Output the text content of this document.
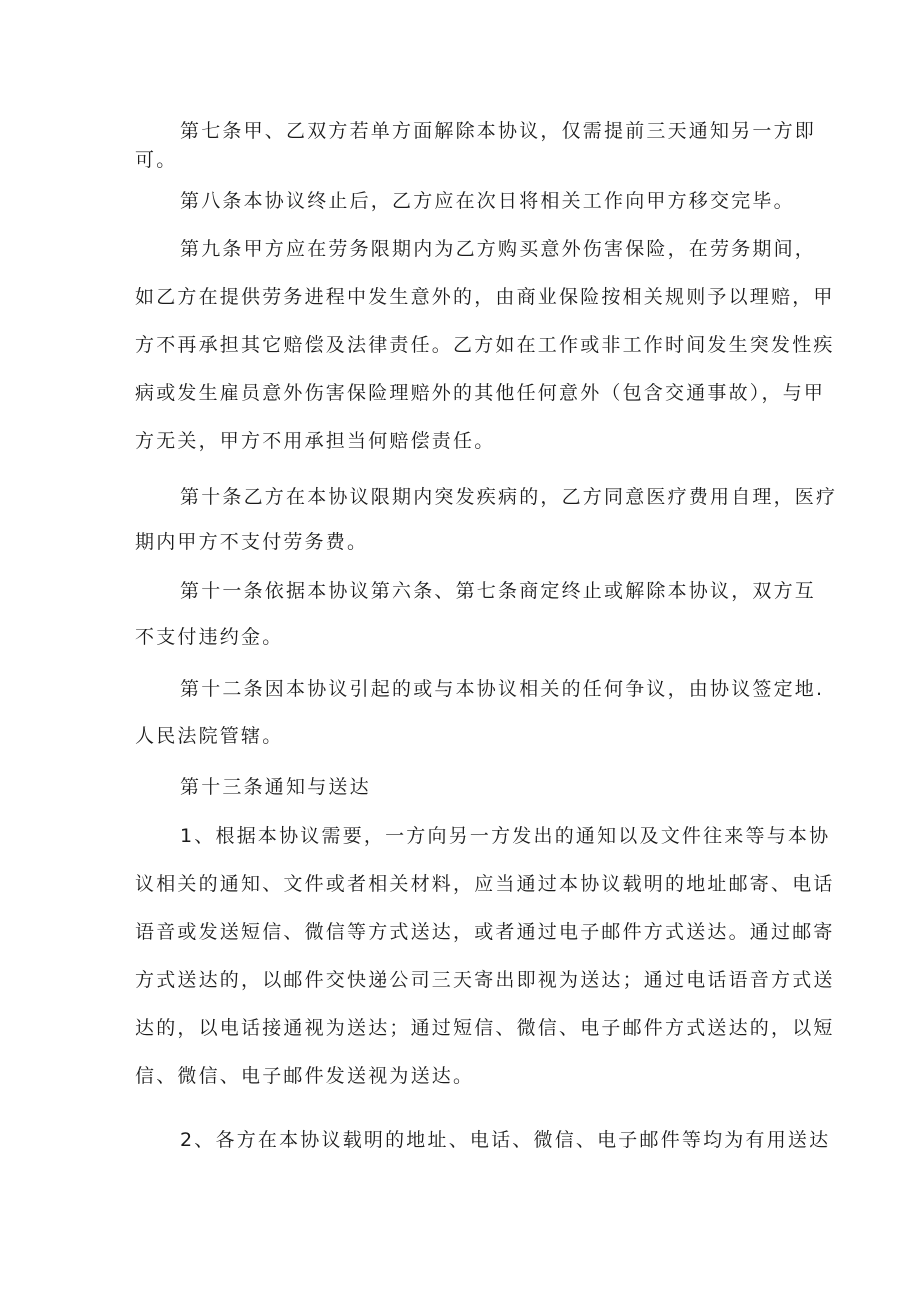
第七条甲、乙双方若单方面解除本协议，仅需提前三天通知另一方即
可。
第八条本协议终止后，乙方应在次日将相关工作向甲方移交完毕。
第九条甲方应在劳务限期内为乙方购买意外伤害保险，在劳务期间，
如乙方在提供劳务进程中发生意外的，由商业保险按相关规则予以理赔，甲
方不再承担其它赔偿及法律责任。乙方如在工作或非工作时间发生突发性疾
病或发生雇员意外伤害保险理赔外的其他任何意外（包含交通事故），与甲
方无关，甲方不用承担当何赔偿责任。
第十条乙方在本协议限期内突发疾病的，乙方同意医疗费用自理，医疗
期内甲方不支付劳务费。
第十一条依据本协议第六条、第七条商定终止或解除本协议，双方互
不支付违约金。
第十二条因本协议引起的或与本协议相关的任何争议，由协议签定地.
人民法院管辖。
第十三条通知与送达
1、根据本协议需要，一方向另一方发出的通知以及文件往来等与本协
议相关的通知、文件或者相关材料，应当通过本协议载明的地址邮寄、电话
语音或发送短信、微信等方式送达，或者通过电子邮件方式送达。通过邮寄
方式送达的，以邮件交快递公司三天寄出即视为送达；通过电话语音方式送
达的，以电话接通视为送达；通过短信、微信、电子邮件方式送达的，以短
信、微信、电子邮件发送视为送达。
2、各方在本协议载明的地址、电话、微信、电子邮件等均为有用送达
